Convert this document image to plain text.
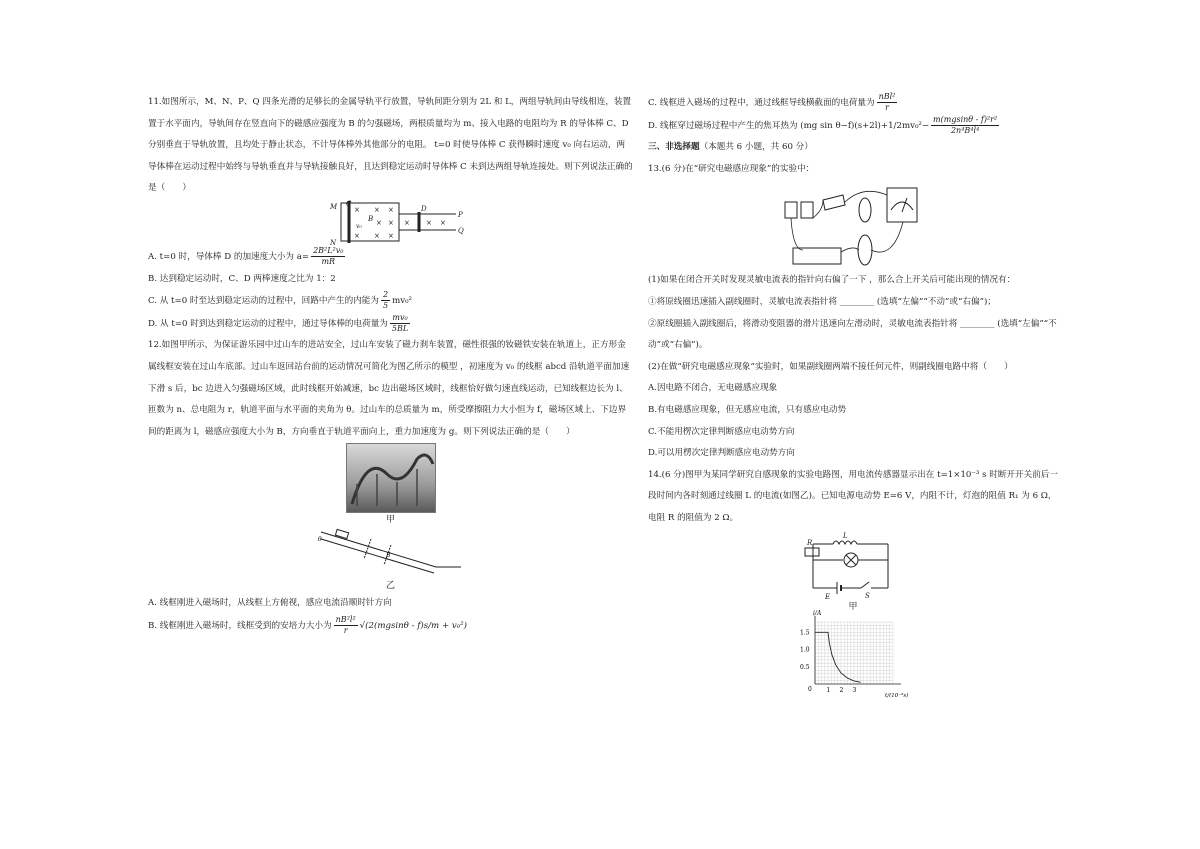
11.如图所示，M、N、P、Q 四条光滑的足够长的金属导轨平行放置，导轨间距分别为 2L 和 L，两组导轨间由导线相连，装置置于水平面内，导轨间存在竖直向下的磁感应强度为 B 的匀强磁场，两根质量均为 m、接入电路的电阻均为 R 的导体棒 C、D 分别垂直于导轨放置，且均处于静止状态，不计导体棒外其他部分的电阻。 t=0 时使导体棒 C 获得瞬时速度 v₀ 向右运动，两导体棒在运动过程中始终与导轨垂直并与导轨接触良好，且达到稳定运动时导体棒 C 未到达两组导轨连接处。则下列说法正确的是（　　）

M
N
C
D
P
Q
B
v₀
× × ×
× × ×
× × × × ×

A. t=0 时，导体棒 D 的加速度大小为 $a= \frac{\text{2B²L²v₀}}{mR}$

B. 达到稳定运动时，C、D 两棒速度之比为 1：2

C. 从 t=0 时至达到稳定运动的过程中，回路中产生的内能为 $\frac{2}{5} mv_0^2$

D. 从 t=0 时到达到稳定运动的过程中，通过导体棒的电荷量为 $\frac{\text{mv₀}}{5BL}$

12.如图甲所示，为保证游乐园中过山车的进站安全，过山车安装了磁力刹车装置，磁性很强的钕磁铁安装在轨道上，正方形金属线框安装在过山车底部。过山车返回站台前的运动情况可简化为图乙所示的模型 ，初速度为 v₀ 的线框 abcd 沿轨道平面加速下滑 s 后，bc 边进入匀强磁场区域，此时线框开始减速，bc 边出磁场区域时，线框恰好做匀速直线运动，已知线框边长为 l、匝数为 n、总电阻为 r，轨道平面与水平面的夹角为 θ。过山车的总质量为 m，所受摩擦阻力大小恒为 f，磁场区域上、下边界间的距离为 l，磁感应强度大小为 B，方向垂直于轨道平面向上，重力加速度为 g。则下列说法正确的是（　　）

甲
B
θ
乙

A. 线框刚进入磁场时，从线框上方俯视，感应电流沿顺时针方向

B. 线框刚进入磁场时，线框受到的安培力大小为 $\frac{\text{nB²l²}}{r} √(2(mgsin\theta - f)s/m + v_0^2)$

C. 线框进入磁场的过程中，通过线框导线横截面的电荷量为 $\frac{\text{nBl²}}{r}$

D. 线框穿过磁场过程中产生的焦耳热为 (mg $\sin \theta-f)(s+2l)+1/2mv_0^2- \frac{\text{m(mgsinθ - f)²r²}}{\text{2n⁴B⁴l⁴}}$

三、非选择题（本题共 6 小题，共 60 分）

13.(6 分)在“研究电磁感应现象”的实验中：

(1)如果在闭合开关时发现灵敏电流表的指针向右偏了一下 ，那么合上开关后可能出现的情况有：

①将原线圈迅速插入副线圈时，灵敏电流表指针将 ________ (选填“左偏”“不动”或“右偏”)；

②原线圈插入副线圈后，将滑动变阻器的滑片迅速向左滑动时，灵敏电流表指针将 ________ (选填“左偏”“不动”或“右偏”)。

(2)在做“研究电磁感应现象”实验时，如果副线圈两端不接任何元件，则副线圈电路中将（　　）

A.因电路不闭合，无电磁感应现象

B.有电磁感应现象，但无感应电流，只有感应电动势

C.不能用楞次定律判断感应电动势方向

D.可以用楞次定律判断感应电动势方向

14.(6 分)图甲为某同学研究自感现象的实验电路图，用电流传感器显示出在 t=1×10⁻³ s 时断开开关前后一段时间内各时刻通过线圈 L 的电流(如图乙)。已知电源电动势 E=6 V，内阻不计，灯泡的阻值 R₁ 为 6 Ω，电阻 R 的阻值为 2 Ω。

R
L
E	S
甲
i/A
t/(10⁻³s)
0 1 2 3
0.5
1.0
1.5
